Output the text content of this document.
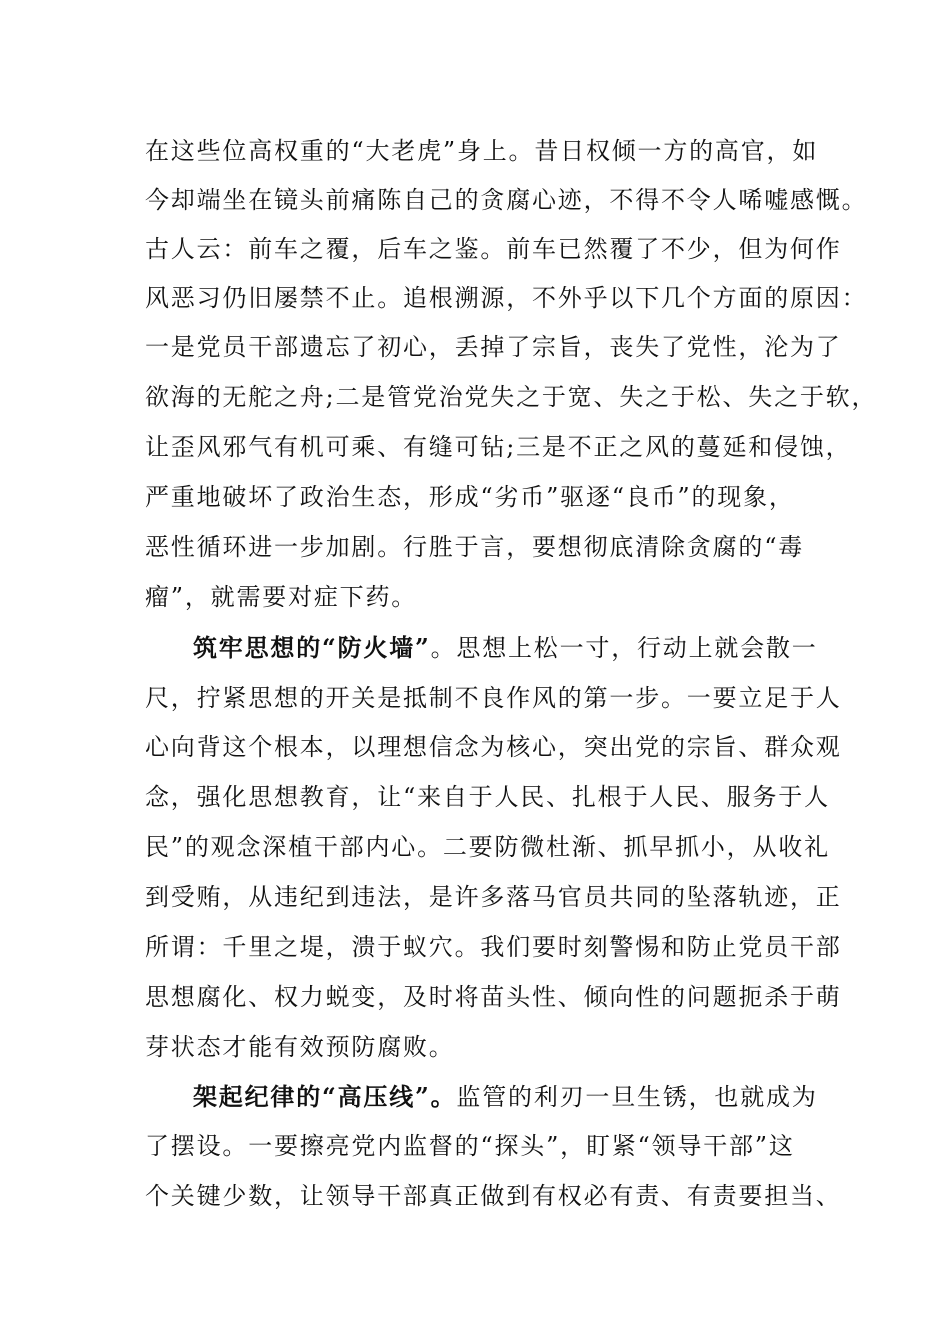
在这些位高权重的“大老虎”身上。昔日权倾一方的高官，如

今却端坐在镜头前痛陈自己的贪腐心迹，不得不令人唏嘘感慨。

古人云：前车之覆，后车之鉴。前车已然覆了不少，但为何作

风恶习仍旧屡禁不止。追根溯源，不外乎以下几个方面的原因：

一是党员干部遗忘了初心，丢掉了宗旨，丧失了党性，沦为了

欲海的无舵之舟;二是管党治党失之于宽、失之于松、失之于软，

让歪风邪气有机可乘、有缝可钻;三是不正之风的蔓延和侵蚀，

严重地破坏了政治生态，形成“劣币”驱逐“良币”的现象，

恶性循环进一步加剧。行胜于言，要想彻底清除贪腐的“毒

瘤”，就需要对症下药。

筑牢思想的“防火墙”。思想上松一寸，行动上就会散一

尺，拧紧思想的开关是抵制不良作风的第一步。一要立足于人

心向背这个根本，以理想信念为核心，突出党的宗旨、群众观

念，强化思想教育，让“来自于人民、扎根于人民、服务于人

民”的观念深植干部内心。二要防微杜渐、抓早抓小，从收礼

到受贿，从违纪到违法，是许多落马官员共同的坠落轨迹，正

所谓：千里之堤，溃于蚁穴。我们要时刻警惕和防止党员干部

思想腐化、权力蜕变，及时将苗头性、倾向性的问题扼杀于萌

芽状态才能有效预防腐败。

架起纪律的“高压线”。监管的利刃一旦生锈，也就成为

了摆设。一要擦亮党内监督的“探头”，盯紧“领导干部”这

个关键少数，让领导干部真正做到有权必有责、有责要担当、
